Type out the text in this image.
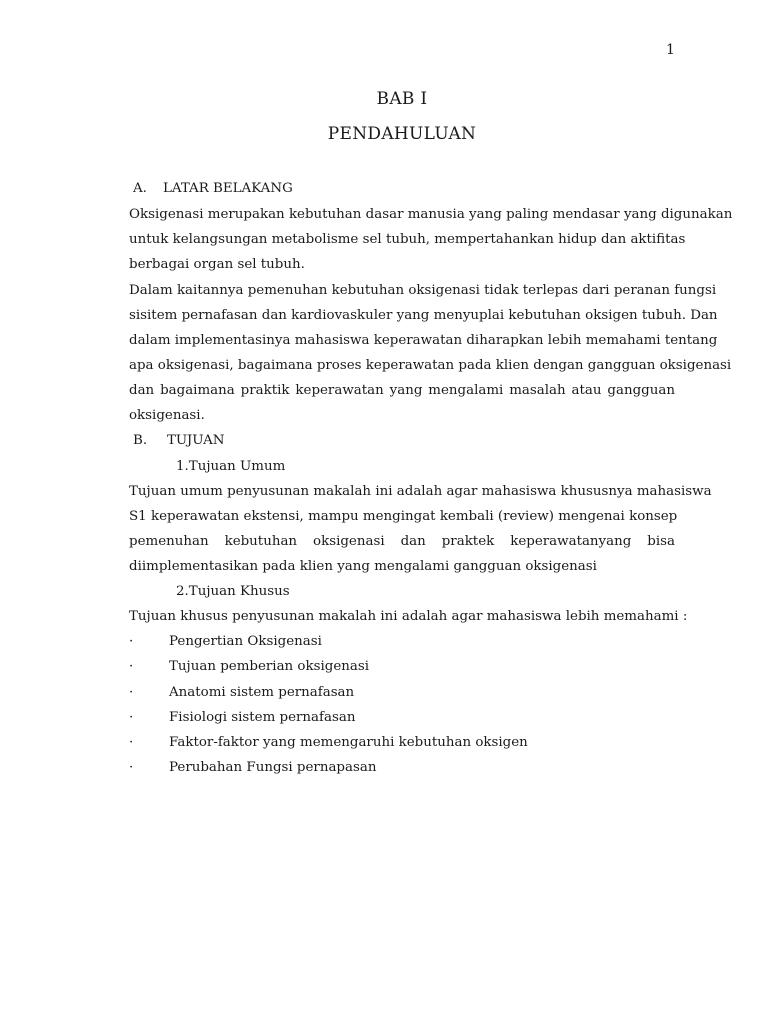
1
BAB I
PENDAHULUAN
A. LATAR BELAKANG
Oksigenasi merupakan kebutuhan dasar manusia yang paling mendasar yang digunakan
untuk kelangsungan metabolisme sel tubuh, mempertahankan hidup dan aktifitas
berbagai organ sel tubuh.
Dalam kaitannya pemenuhan kebutuhan oksigenasi tidak terlepas dari peranan fungsi
sisitem pernafasan dan kardiovaskuler yang menyuplai kebutuhan oksigen tubuh. Dan
dalam implementasinya mahasiswa keperawatan diharapkan lebih memahami tentang
apa oksigenasi, bagaimana proses keperawatan pada klien dengan gangguan oksigenasi
dan bagaimana praktik keperawatan yang mengalami masalah atau gangguan
oksigenasi.
B. TUJUAN
1.Tujuan Umum
Tujuan umum penyusunan makalah ini adalah agar mahasiswa khususnya mahasiswa
S1 keperawatan ekstensi, mampu mengingat kembali (review) mengenai konsep
pemenuhan kebutuhan oksigenasi dan praktek keperawatanyang bisa
diimplementasikan pada klien yang mengalami gangguan oksigenasi
2.Tujuan Khusus
Tujuan khusus penyusunan makalah ini adalah agar mahasiswa lebih memahami :
·	Pengertian Oksigenasi
·	Tujuan pemberian oksigenasi
·	Anatomi sistem pernafasan
·	Fisiologi sistem pernafasan
·	Faktor-faktor yang memengaruhi kebutuhan oksigen
·	Perubahan Fungsi pernapasan
